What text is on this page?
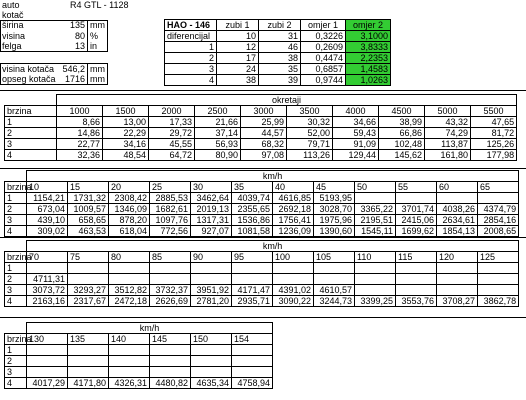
auto	R4 GTL - 1128
kotač
širina	135 mm
visina	80 %
felga	13 in
visina kotača 546,2 mm
opseg kotača	1716 mm
HAO - 146	zubi 1	zubi 2	omjer 1	omjer 2
diferencijal	10	31	0,3226	3,1000
1	12	46	0,2609	3,8333
2	17	38	0,4474	2,2353
3	24	35	0,6857	1,4583
4	38	39	0,9744	1,0263
	okretaji									
brzina	1000	1500	2000	2500	3000	3500	4000	4500	5000	5500
1	8,66	13,00	17,33	21,66	25,99	30,32	34,66	38,99	43,32	47,65
2	14,86	22,29	29,72	37,14	44,57	52,00	59,43	66,86	74,29	81,72
3	22,77	34,16	45,55	56,93	68,32	79,71	91,09	102,48	113,87	125,26
4	32,36	48,54	64,72	80,90	97,08	113,26	129,44	145,62	161,80	177,98
	km/h											
brzina	10	15	20	25	30	35	40	45	50	55	60	65
1	1154,21	1731,32	2308,42	2885,53	3462,64	4039,74	4616,85	5193,95				
2	673,04	1009,57	1346,09	1682,61	2019,13	2355,65	2692,18	3028,70	3365,22	3701,74	4038,26	4374,79
3	439,10	658,65	878,20	1097,76	1317,31	1536,86	1756,41	1975,96	2195,51	2415,06	2634,61	2854,16
4	309,02	463,53	618,04	772,56	927,07	1081,58	1236,09	1390,60	1545,11	1699,62	1854,13	2008,65
	km/h											
brzina	70	75	80	85	90	95	100	105	110	115	120	125
1												
2	4711,31											
3	3073,72	3293,27	3512,82	3732,37	3951,92	4171,47	4391,02	4610,57				
4	2163,16	2317,67	2472,18	2626,69	2781,20	2935,71	3090,22	3244,73	3399,25	3553,76	3708,27	3862,78
	km/h					
brzina	130	135	140	145	150	154
1						
2						
3						
4	4017,29	4171,80	4326,31	4480,82	4635,34	4758,94
